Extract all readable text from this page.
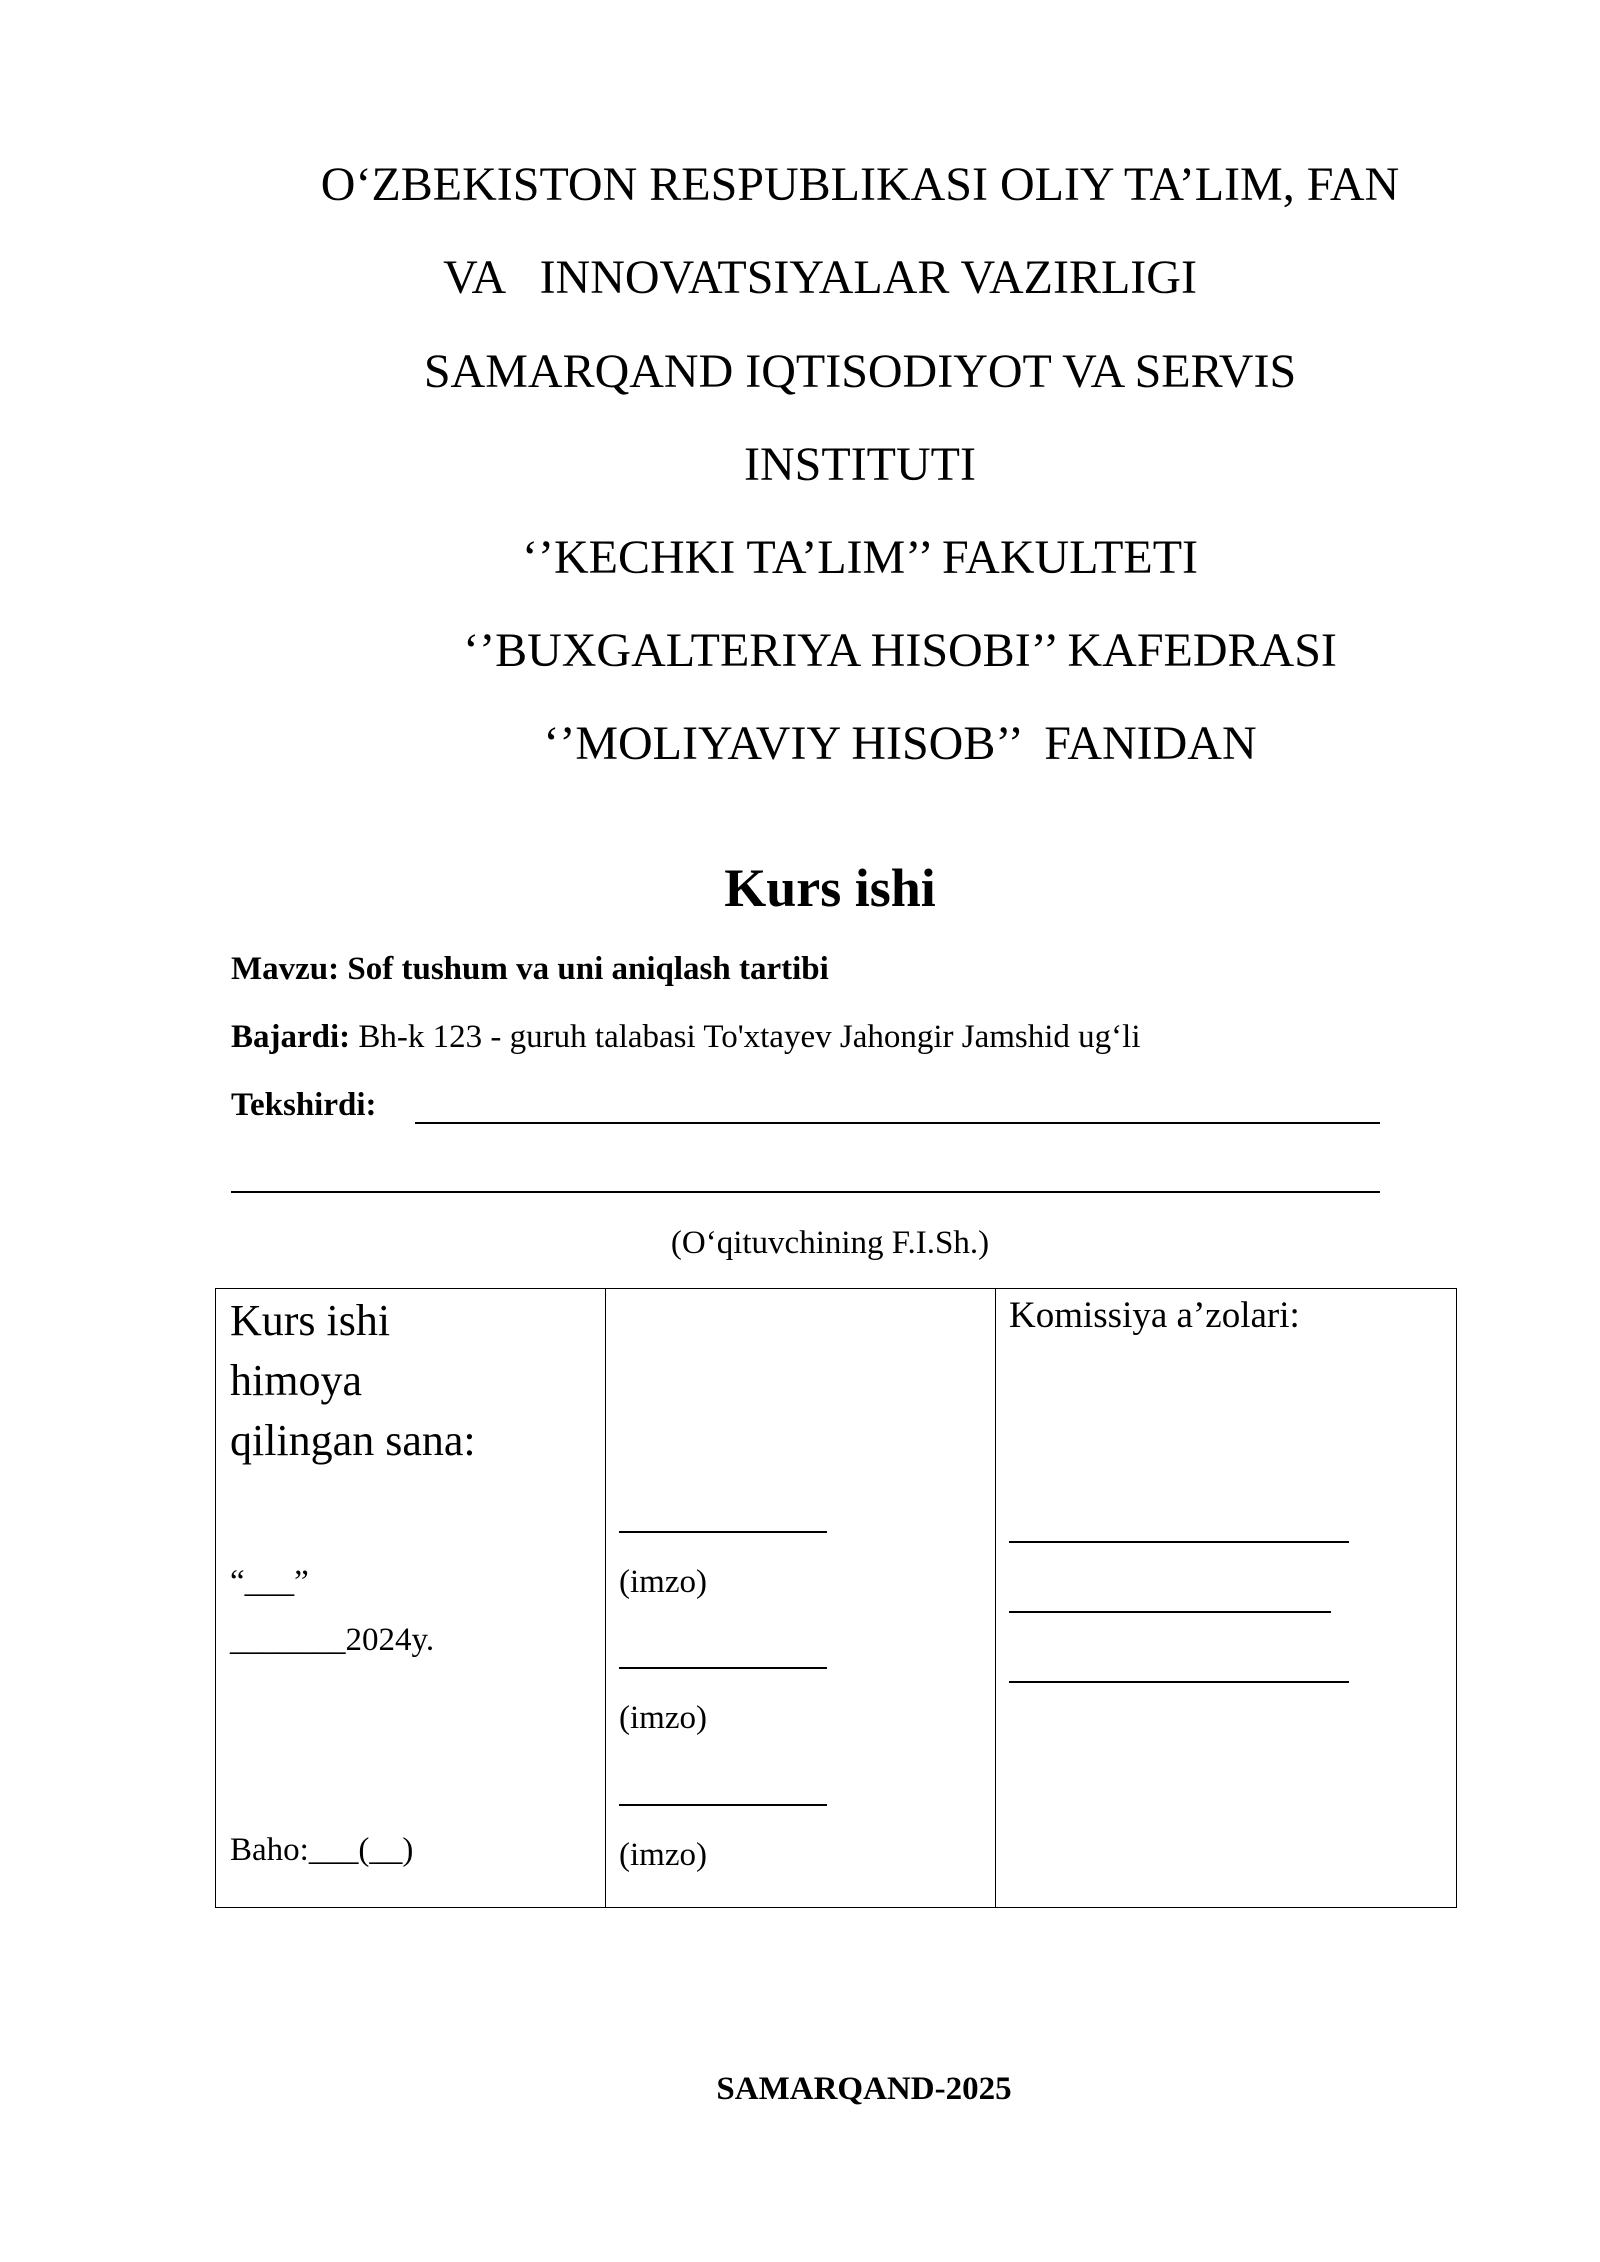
O‘ZBEKISTON RESPUBLIKASI OLIY TA’LIM, FAN
VA   INNOVATSIYALAR VAZIRLIGI
SAMARQAND IQTISODIYOT VA SERVIS
INSTITUTI
‘’KECHKI TA’LIM’’ FAKULTETI
‘’BUXGALTERIYA HISOBI’’ KAFEDRASI
‘’MOLIYAVIY HISOB’’  FANIDAN
Kurs ishi
Mavzu: Sof tushum va uni aniqlash tartibi
Bajardi: Bh-k 123 - guruh talabasi To'xtayev Jahongir Jamshid ug‘li
Tekshirdi:
(O‘qituvchining F.I.Sh.)
Kurs ishi
himoya
qilingan sana:
“___”
_______2024y.
Baho:___(__)
(imzo)
(imzo)
(imzo)
Komissiya a’zolari:
SAMARQAND-2025
